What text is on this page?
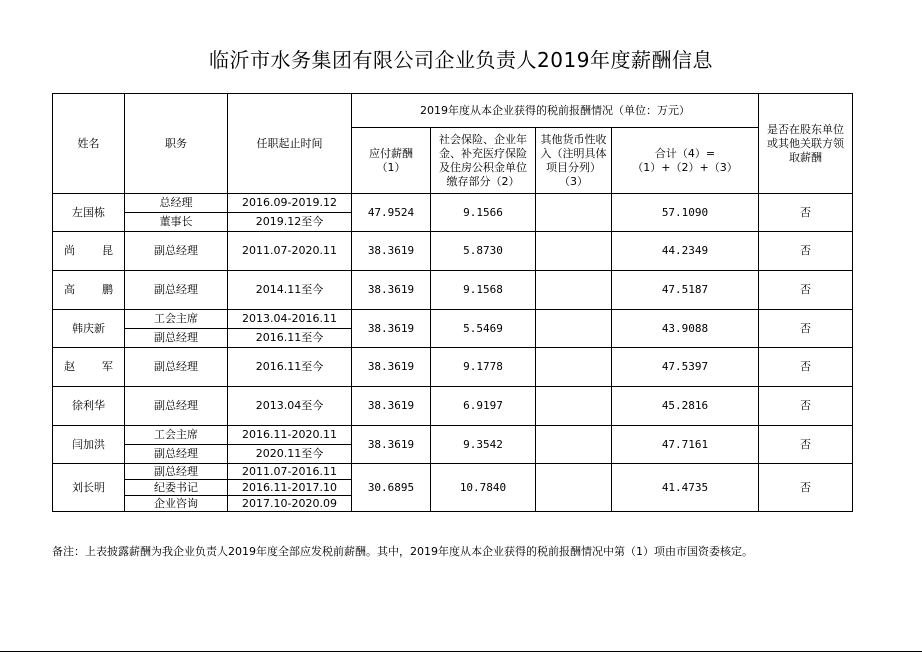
临沂市水务集团有限公司企业负责人2019年度薪酬信息
姓名	职务	任职起止时间	2019年度从本企业获得的税前报酬情况（单位：万元）				是否在股东单位或其他关联方领取薪酬
			应付薪酬（1）	社会保险、企业年金、补充医疗保险及住房公积金单位缴存部分（2）	其他货币性收入（注明具体项目分列）（3）	合计（4）=（1）+（2）+（3）	
左国栋	总经理	2016.09-2019.12	47.9524	9.1566		57.1090	否
	董事长	2019.12至今					
尚　昆	副总经理	2011.07-2020.11	38.3619	5.8730		44.2349	否
高　鹏	副总经理	2014.11至今	38.3619	9.1568		47.5187	否
韩庆新	工会主席	2013.04-2016.11	38.3619	5.5469		43.9088	否
	副总经理	2016.11至今					
赵　军	副总经理	2016.11至今	38.3619	9.1778		47.5397	否
徐利华	副总经理	2013.04至今	38.3619	6.9197		45.2816	否
闫加洪	工会主席	2016.11-2020.11	38.3619	9.3542		47.7161	否
	副总经理	2020.11至今					
刘长明	副总经理	2011.07-2016.11	30.6895	10.7840		41.4735	否
	纪委书记	2016.11-2017.10					
	企业咨询	2017.10-2020.09					
备注：上表披露薪酬为我企业负责人2019年度全部应发税前薪酬。其中，2019年度从本企业获得的税前报酬情况中第（1）项由市国资委核定。
